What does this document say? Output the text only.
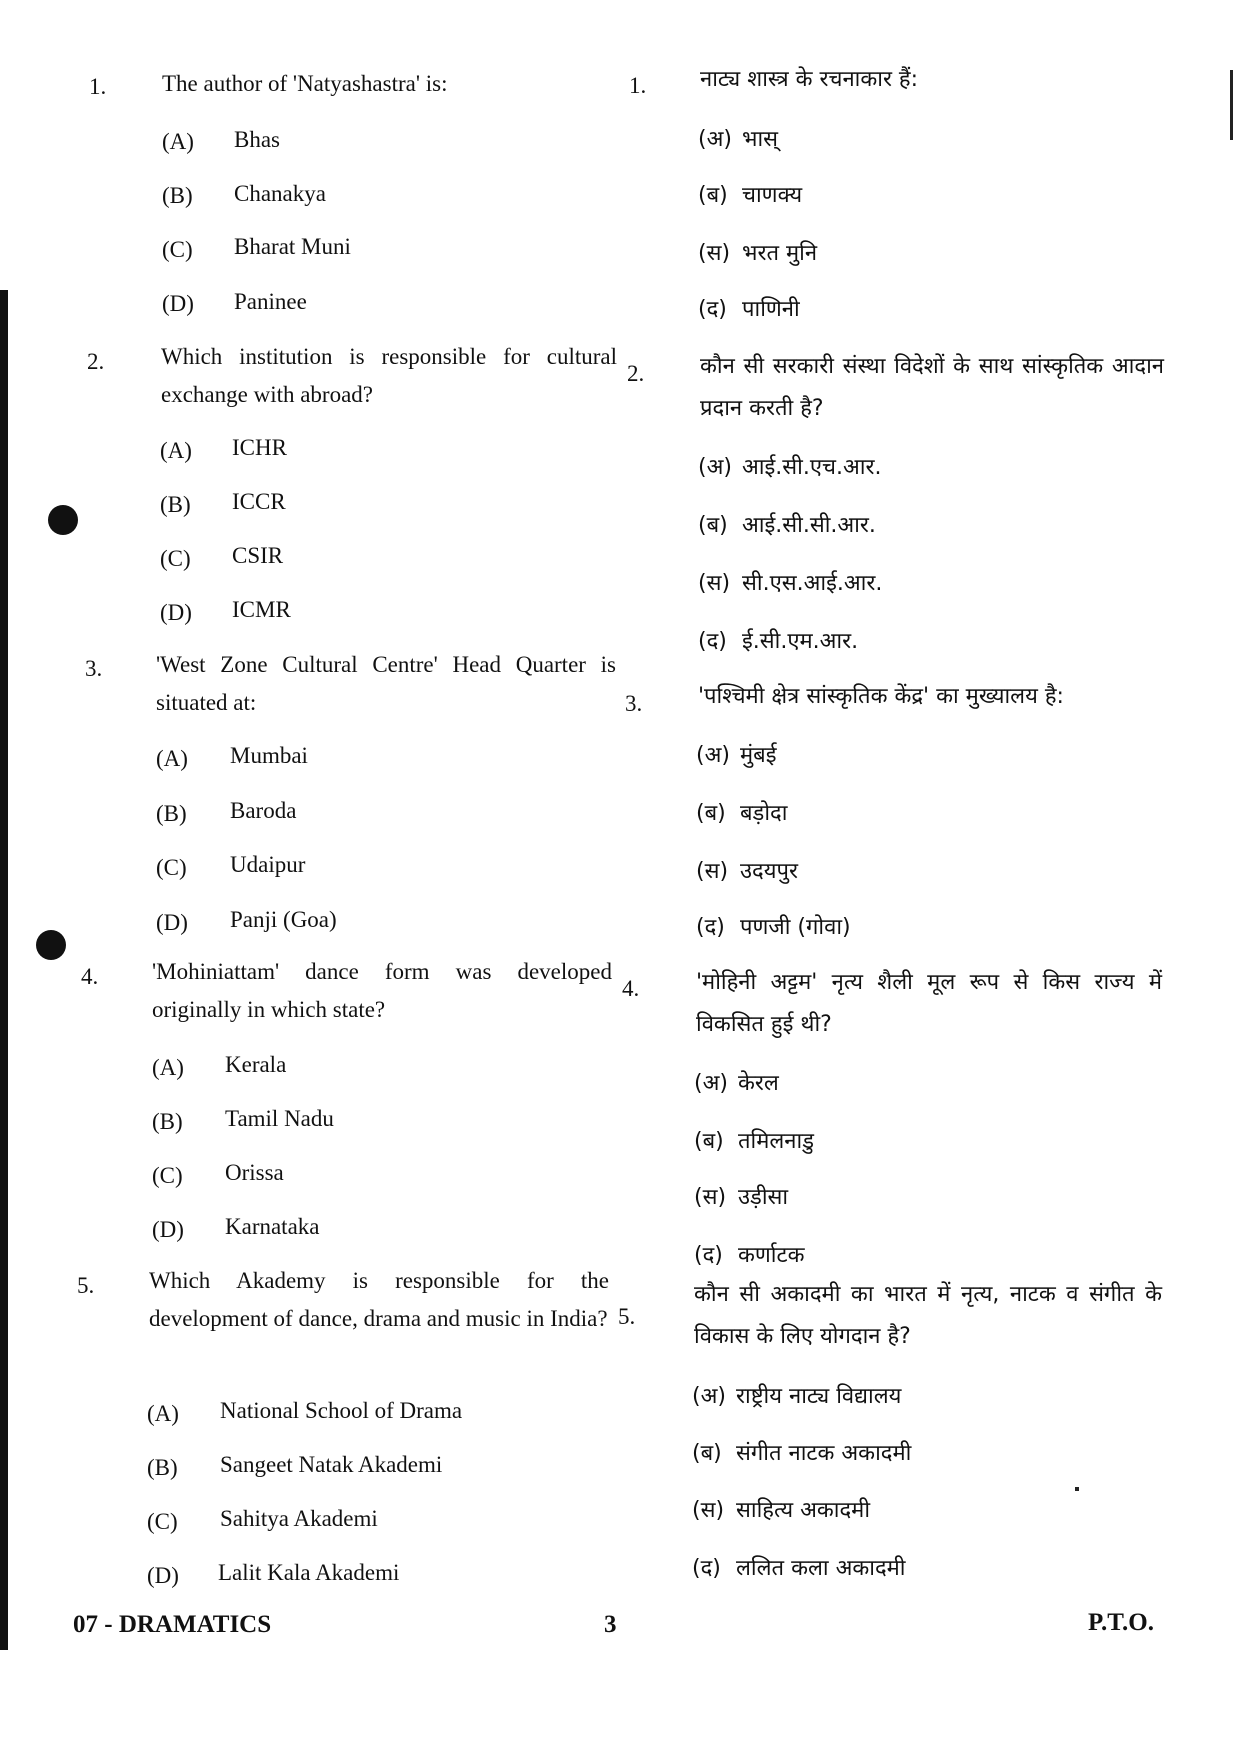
1. The author of 'Natyashastra' is:
(A) Bhas
(B) Chanakya
(C) Bharat Muni
(D) Paninee
1. नाट्य शास्त्र के रचनाकार हैं:
(अ) भास्
(ब) चाणक्य
(स) भरत मुनि
(द) पाणिनी
2. Which institution is responsible for cultural exchange with abroad?
(A) ICHR
(B) ICCR
(C) CSIR
(D) ICMR
2.	कौन सी सरकारी संस्था विदेशों के साथ सांस्कृतिक आदान प्रदान करती है?
(अ) आई.सी.एच.आर.
(ब) आई.सी.सी.आर.
(स) सी.एस.आई.आर.
(द) ई.सी.एम.आर.
3. 'West Zone Cultural Centre' Head Quarter is situated at:
(A) Mumbai
(B) Baroda
(C) Udaipur
(D) Panji (Goa)
3.	'पश्चिमी क्षेत्र सांस्कृतिक केंद्र' का मुख्यालय है:
(अ) मुंबई
(ब) बड़ोदा
(स) उदयपुर
(द) पणजी (गोवा)
4. 'Mohiniattam' dance form was developed originally in which state?
(A) Kerala
(B) Tamil Nadu
(C) Orissa
(D) Karnataka
4.	'मोहिनी अट्टम' नृत्य शैली मूल रूप से किस राज्य में विकसित हुई थी?
(अ) केरल
(ब) तमिलनाडु
(स) उड़ीसा
(द) कर्णाटक
5. Which Akademy is responsible for the development of dance, drama and music in India?
(A) National School of Drama
(B) Sangeet Natak Akademi
(C) Sahitya Akademi
(D) Lalit Kala Akademi
5.
कौन सी अकादमी का भारत में नृत्य, नाटक व संगीत के विकास के लिए योगदान है?
(अ) राष्ट्रीय नाट्य विद्यालय
(ब) संगीत नाटक अकादमी
(स) साहित्य अकादमी
(द) ललित कला अकादमी
07 - DRAMATICS	3	P.T.O.
